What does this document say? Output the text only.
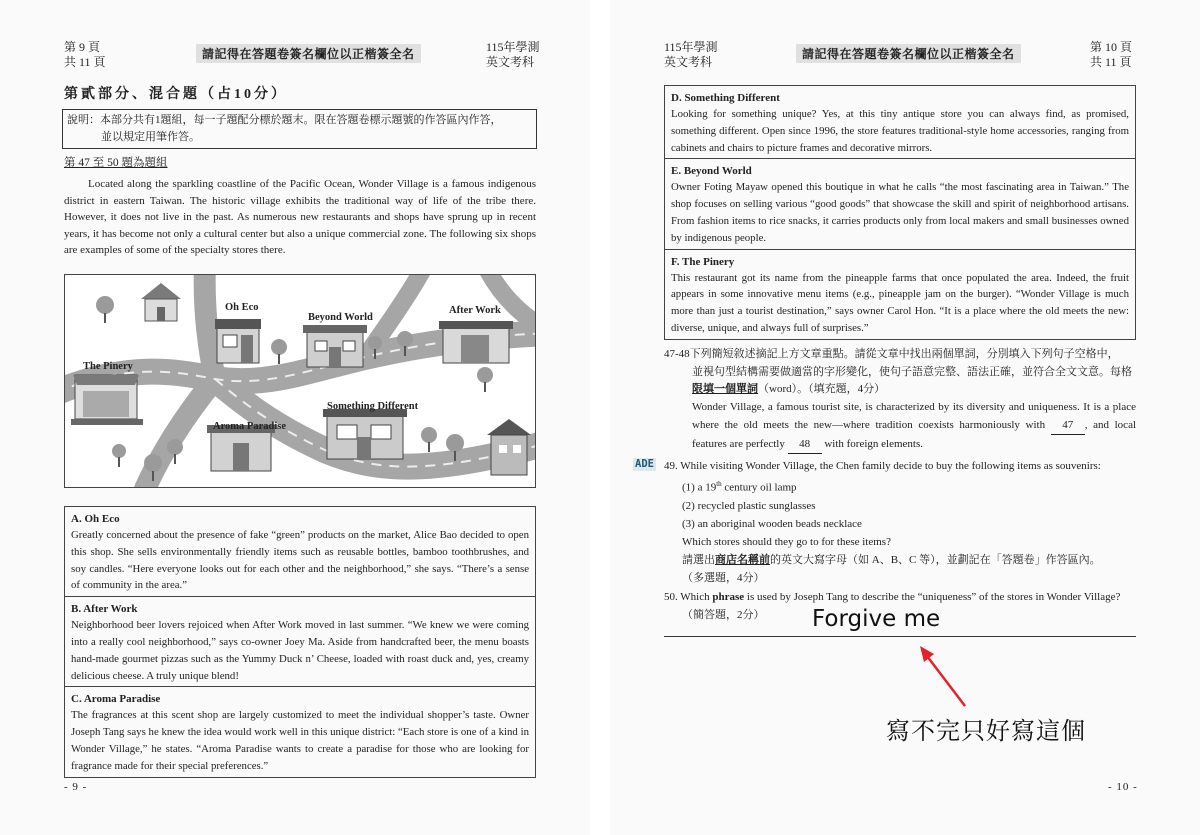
第 9 頁
共 11 頁
請記得在答題卷簽名欄位以正楷簽全名	115年學測
英文考科
第貳部分、混合題（占10分）
說明：本部分共有1題組，每一子題配分標於題末。限在答題卷標示題號的作答區內作答，
並以規定用筆作答。
第 47 至 50 題為題組
Located along the sparkling coastline of the Pacific Ocean, Wonder Village is a famous indigenous district in eastern Taiwan. The historic village exhibits the traditional way of life of the tribe there. However, it does not live in the past. As numerous new restaurants and shops have sprung up in recent years, it has become not only a cultural center but also a unique commercial zone. The following six shops are examples of some of the specialty stores there.
Oh Eco
Beyond World
After Work
The Pinery
Aroma Paradise
Something Different
A. Oh Eco
Greatly concerned about the presence of fake “green” products on the market, Alice Bao decided to open this shop. She sells environmentally friendly items such as reusable bottles, bamboo toothbrushes, and soy candles. “Here everyone looks out for each other and the neighborhood,” she says. “There’s a sense of community in the area.”
B. After Work
Neighborhood beer lovers rejoiced when After Work moved in last summer. “We knew we were coming into a really cool neighborhood,” says co-owner Joey Ma. Aside from handcrafted beer, the menu boasts hand-made gourmet pizzas such as the Yummy Duck n’ Cheese, loaded with roast duck and, yes, creamy delicious cheese. A truly unique blend!
C. Aroma Paradise
The fragrances at this scent shop are largely customized to meet the individual shopper’s taste. Owner Joseph Tang says he knew the idea would work well in this unique district: “Each store is one of a kind in Wonder Village,” he states. “Aroma Paradise wants to create a paradise for those who are looking for fragrance made for their special preferences.”
- 9 -
115年學測
英文考科
請記得在答題卷簽名欄位以正楷簽全名	第 10 頁
共 11 頁
D. Something Different
Looking for something unique? Yes, at this tiny antique store you can always find, as promised, something different. Open since 1996, the store features traditional-style home accessories, ranging from cabinets and chairs to picture frames and decorative mirrors.
E. Beyond World
Owner Foting Mayaw opened this boutique in what he calls “the most fascinating area in Taiwan.” The shop focuses on selling various “good goods” that showcase the skill and spirit of neighborhood artisans. From fashion items to rice snacks, it carries products only from local makers and small businesses owned by indigenous people.
F. The Pinery
This restaurant got its name from the pineapple farms that once populated the area. Indeed, the fruit appears in some innovative menu items (e.g., pineapple jam on the burger). “Wonder Village is much more than just a tourist destination,” says owner Carol Hon. “It is a place where the old meets the new: diverse, unique, and always full of surprises.”
- 10 -
47-48下列簡短敘述摘記上方文章重點。請從文章中找出兩個單詞，分別填入下列句子空格中，
並視句型結構需要做適當的字形變化，使句子語意完整、語法正確，並符合全文文意。每格
限填一個單詞（word）。（填充題，4分）
Wonder Village, a famous tourist site, is characterized by its diversity and uniqueness. It is a place where the old meets the new—where tradition coexists harmoniously with 47 , and local features are perfectly 48 with foreign elements.
ADE 49. While visiting Wonder Village, the Chen family decide to buy the following items as souvenirs:
(1) a 19th century oil lamp
(2) recycled plastic sunglasses
(3) an aboriginal wooden beads necklace
Which stores should they go to for these items?
請選出商店名稱前的英文大寫字母（如 A、B、C 等），並劃記在「答題卷」作答區內。
（多選題，4分）
50. Which phrase is used by Joseph Tang to describe the “uniqueness” of the stores in Wonder Village?
（簡答題，2分）	Forgive me
寫不完只好寫這個
